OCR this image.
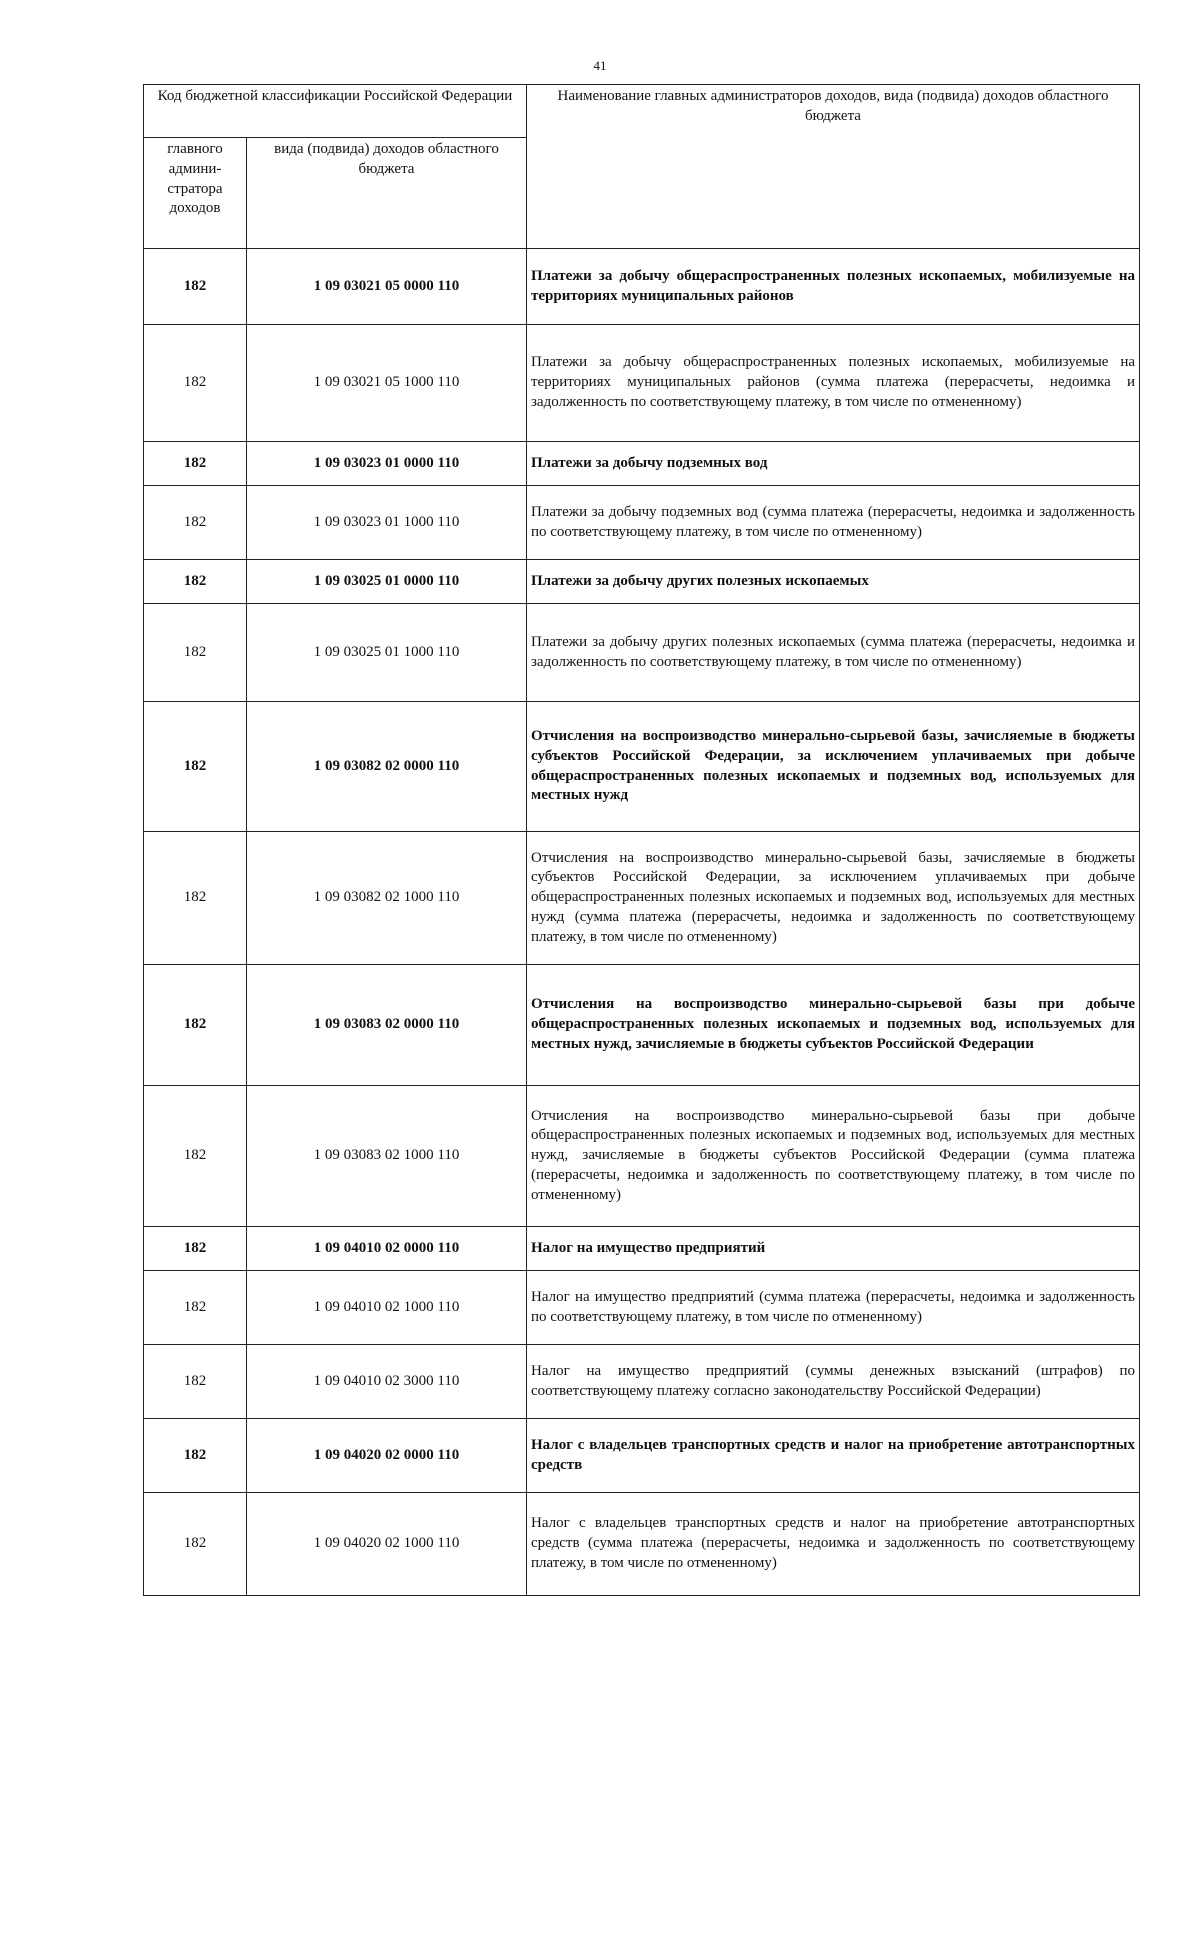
41
Код бюджетной классификации Российской Федерации		Наименование главных администраторов доходов, вида (подвида) доходов областного бюджета
главного админи-стратора доходов	вида (подвида) доходов областного бюджета	
182	1 09 03021 05 0000 110	Платежи за добычу общераспространенных полезных ископаемых, мобилизуемые на территориях муниципальных районов
182	1 09 03021 05 1000 110	Платежи за добычу общераспространенных полезных ископаемых, мобилизуемые на территориях муниципальных районов (сумма платежа (перерасчеты, недоимка и задолженность по соответствующему платежу, в том числе по отмененному)
182	1 09 03023 01 0000 110	Платежи за добычу подземных вод
182	1 09 03023 01 1000 110	Платежи за добычу подземных вод (сумма платежа (перерасчеты, недоимка и задолженность по соответствующему платежу, в том числе по отмененному)
182	1 09 03025 01 0000 110	Платежи за добычу других полезных ископаемых
182	1 09 03025 01 1000 110	Платежи за добычу других полезных ископаемых (сумма платежа (перерасчеты, недоимка и задолженность по соответствующему платежу, в том числе по отмененному)
182	1 09 03082 02 0000 110	Отчисления на воспроизводство минерально-сырьевой базы, зачисляемые в бюджеты субъектов Российской Федерации, за исключением уплачиваемых при добыче общераспространенных полезных ископаемых и подземных вод, используемых для местных нужд
182	1 09 03082 02 1000 110	Отчисления на воспроизводство минерально-сырьевой базы, зачисляемые в бюджеты субъектов Российской Федерации, за исключением уплачиваемых при добыче общераспространенных полезных ископаемых и подземных вод, используемых для местных нужд (сумма платежа (перерасчеты, недоимка и задолженность по соответствующему платежу, в том числе по отмененному)
182	1 09 03083 02 0000 110	Отчисления на воспроизводство минерально-сырьевой базы при добыче общераспространенных полезных ископаемых и подземных вод, используемых для местных нужд, зачисляемые в бюджеты субъектов Российской Федерации
182	1 09 03083 02 1000 110	Отчисления на воспроизводство минерально-сырьевой базы при добыче общераспространенных полезных ископаемых и подземных вод, используемых для местных нужд, зачисляемые в бюджеты субъектов Российской Федерации (сумма платежа (перерасчеты, недоимка и задолженность по соответствующему платежу, в том числе по отмененному)
182	1 09 04010 02 0000 110	Налог на имущество предприятий
182	1 09 04010 02 1000 110	Налог на имущество предприятий (сумма платежа (перерасчеты, недоимка и задолженность по соответствующему платежу, в том числе по отмененному)
182	1 09 04010 02 3000 110	Налог на имущество предприятий (суммы денежных взысканий (штрафов) по соответствующему платежу согласно законодательству Российской Федерации)
182	1 09 04020 02 0000 110	Налог с владельцев транспортных средств и налог на приобретение автотранспортных средств
182	1 09 04020 02 1000 110	Налог с владельцев транспортных средств и налог на приобретение автотранспортных средств (сумма платежа (перерасчеты, недоимка и задолженность по соответствующему платежу, в том числе по отмененному)
